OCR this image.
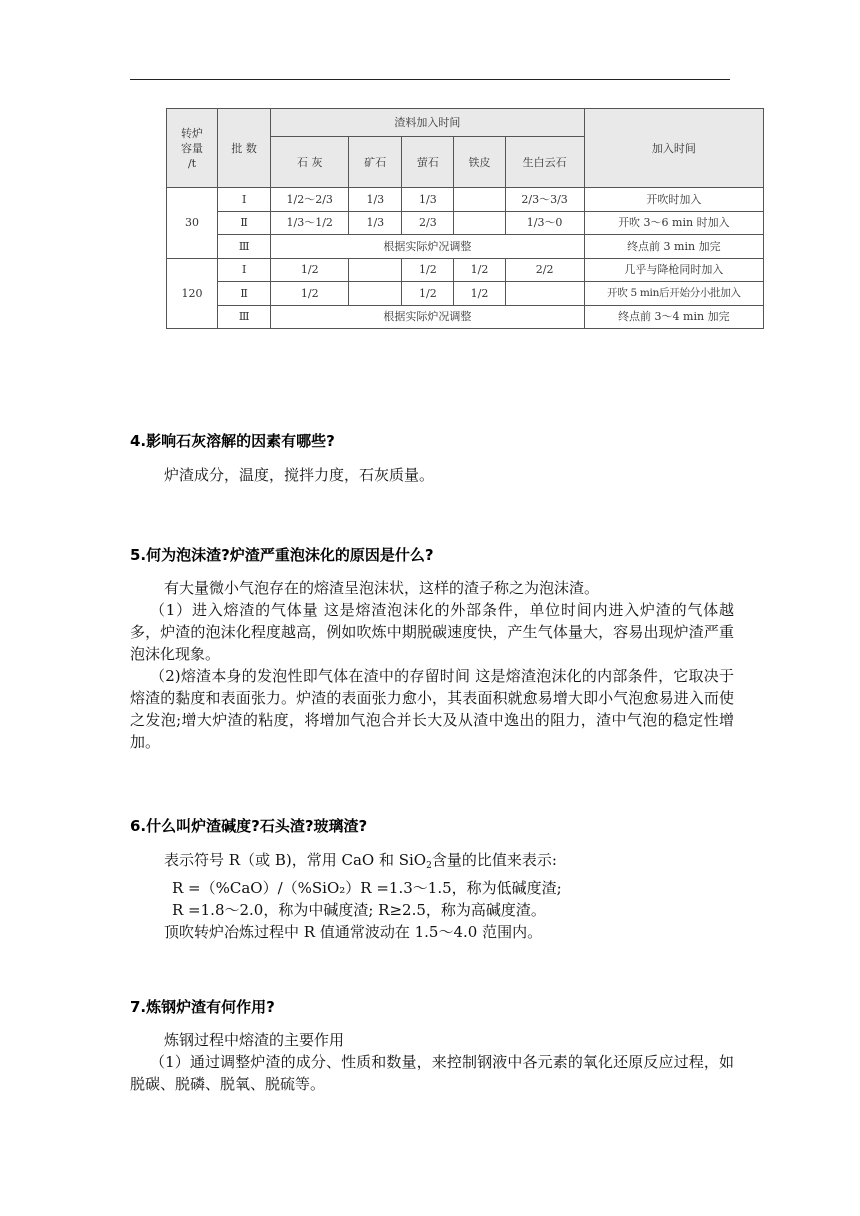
转炉
容量
/t	批 数	渣料加入时间					加入时间
		石 灰	矿石	萤石	铁皮	生白云石	
30	Ⅰ	1/2～2/3	1/3	1/3		2/3～3/3	开吹时加入
	Ⅱ	1/3～1/2	1/3	2/3		1/3～0	开吹 3～6 min 时加入
	Ⅲ	根据实际炉况调整					终点前 3 min 加完
120	Ⅰ	1/2		1/2	1/2	2/2	几乎与降枪同时加入
	Ⅱ	1/2		1/2	1/2		开吹 5 min后开始分小批加入
	Ⅲ	根据实际炉况调整					终点前 3～4 min 加完
4.影响石灰溶解的因素有哪些?

炉渣成分，温度，搅拌力度，石灰质量。

5.何为泡沫渣?炉渣严重泡沫化的原因是什么?

有大量微小气泡存在的熔渣呈泡沫状，这样的渣子称之为泡沫渣。

（1）进入熔渣的气体量 这是熔渣泡沫化的外部条件，单位时间内进入炉渣的气体越多，炉渣的泡沫化程度越高，例如吹炼中期脱碳速度快，产生气体量大，容易出现炉渣严重泡沫化现象。

（2)熔渣本身的发泡性即气体在渣中的存留时间 这是熔渣泡沫化的内部条件，它取决于熔渣的黏度和表面张力。炉渣的表面张力愈小，其表面积就愈易增大即小气泡愈易进入而使之发泡;增大炉渣的粘度，将增加气泡合并长大及从渣中逸出的阻力，渣中气泡的稳定性增加。

6.什么叫炉渣碱度?石头渣?玻璃渣?

表示符号 R（或 B)，常用 CaO 和 SiO$_2$含量的比值来表示:

R =（%CaO）/（%SiO₂）R =1.3～1.5，称为低碱度渣;

R =1.8～2.0，称为中碱度渣; R≥2.5，称为高碱度渣。

顶吹转炉冶炼过程中 R 值通常波动在 1.5～4.0 范围内。

7.炼钢炉渣有何作用?

炼钢过程中熔渣的主要作用

（1）通过调整炉渣的成分、性质和数量，来控制钢液中各元素的氧化还原反应过程，如　脱碳、脱磷、脱氧、脱硫等。
